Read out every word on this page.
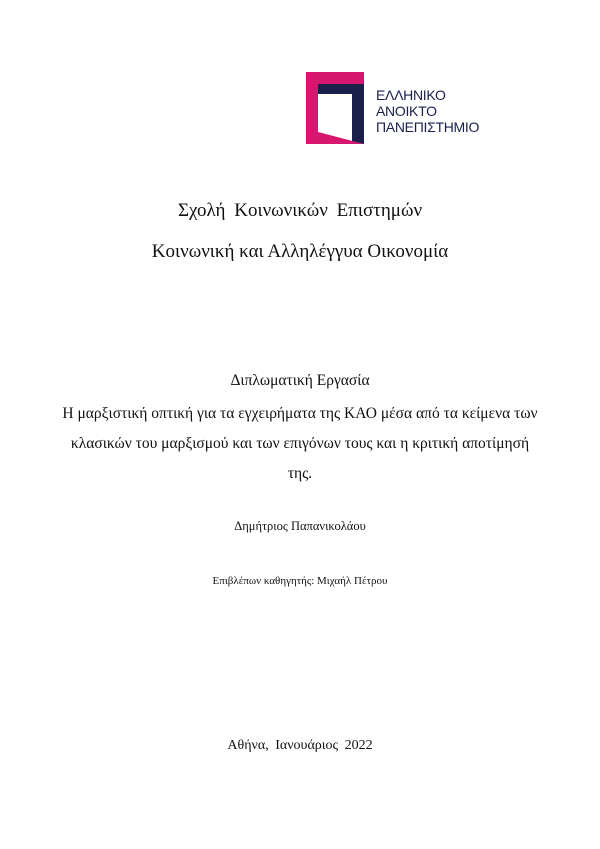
ΕΛΛΗΝΙΚΟ
ΑΝΟΙΚΤΟ
ΠΑΝΕΠΙΣΤΗΜΙΟ
Σχολή Κοινωνικών Επιστημών
Κοινωνική και Αλληλέγγυα Οικονομία
Διπλωματική Εργασία
Η μαρξιστική οπτική για τα εγχειρήματα της ΚΑΟ μέσα από τα κείμενα των κλασικών του μαρξισμού και των επιγόνων τους και η κριτική αποτίμησή της.
Δημήτριος Παπανικολάου
Επιβλέπων καθηγητής: Μιχαήλ Πέτρου
Αθήνα, Ιανουάριος 2022
